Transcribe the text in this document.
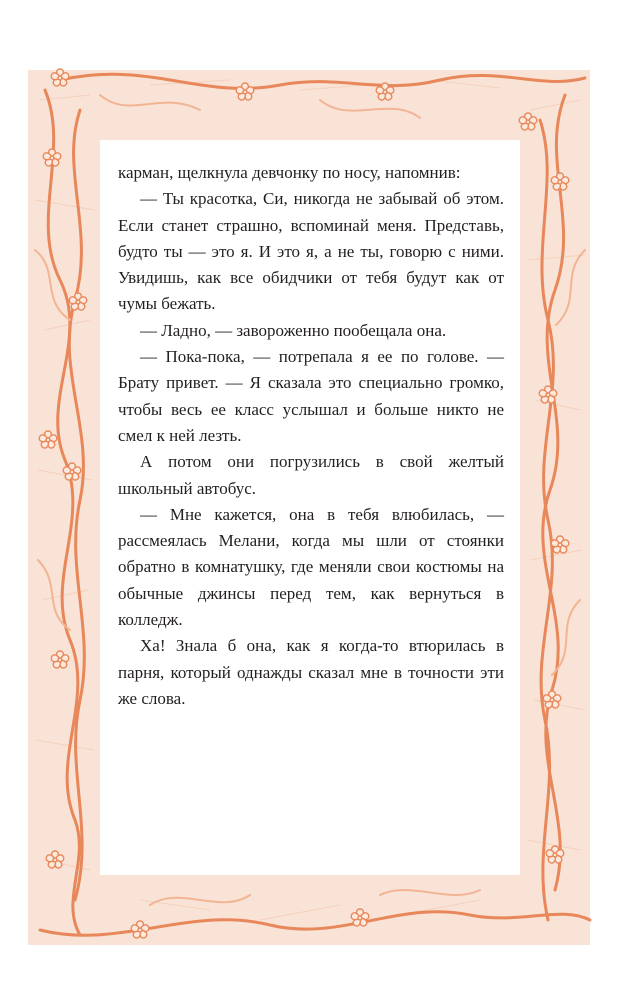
карман, щелкнула девчонку по носу, напомнив:

— Ты красотка, Си, никогда не забывай об этом. Если станет страшно, вспоминай меня. Представь, будто ты — это я. И это я, а не ты, говорю с ними. Увидишь, как все обидчики от тебя будут как от чумы бежать.

— Ладно, — завороженно пообещала она.

— Пока-пока, — потрепала я ее по голове. — Брату привет. — Я сказала это специально громко, чтобы весь ее класс услышал и больше никто не смел к ней лезть.

А потом они погрузились в свой желтый школьный автобус.

— Мне кажется, она в тебя влюбилась, — рассмеялась Мелани, когда мы шли от стоянки обратно в комнатушку, где меняли свои костюмы на обычные джинсы перед тем, как вернуться в колледж.

Ха! Знала б она, как я когда-то втюрилась в парня, который однажды сказал мне в точности эти же слова.
